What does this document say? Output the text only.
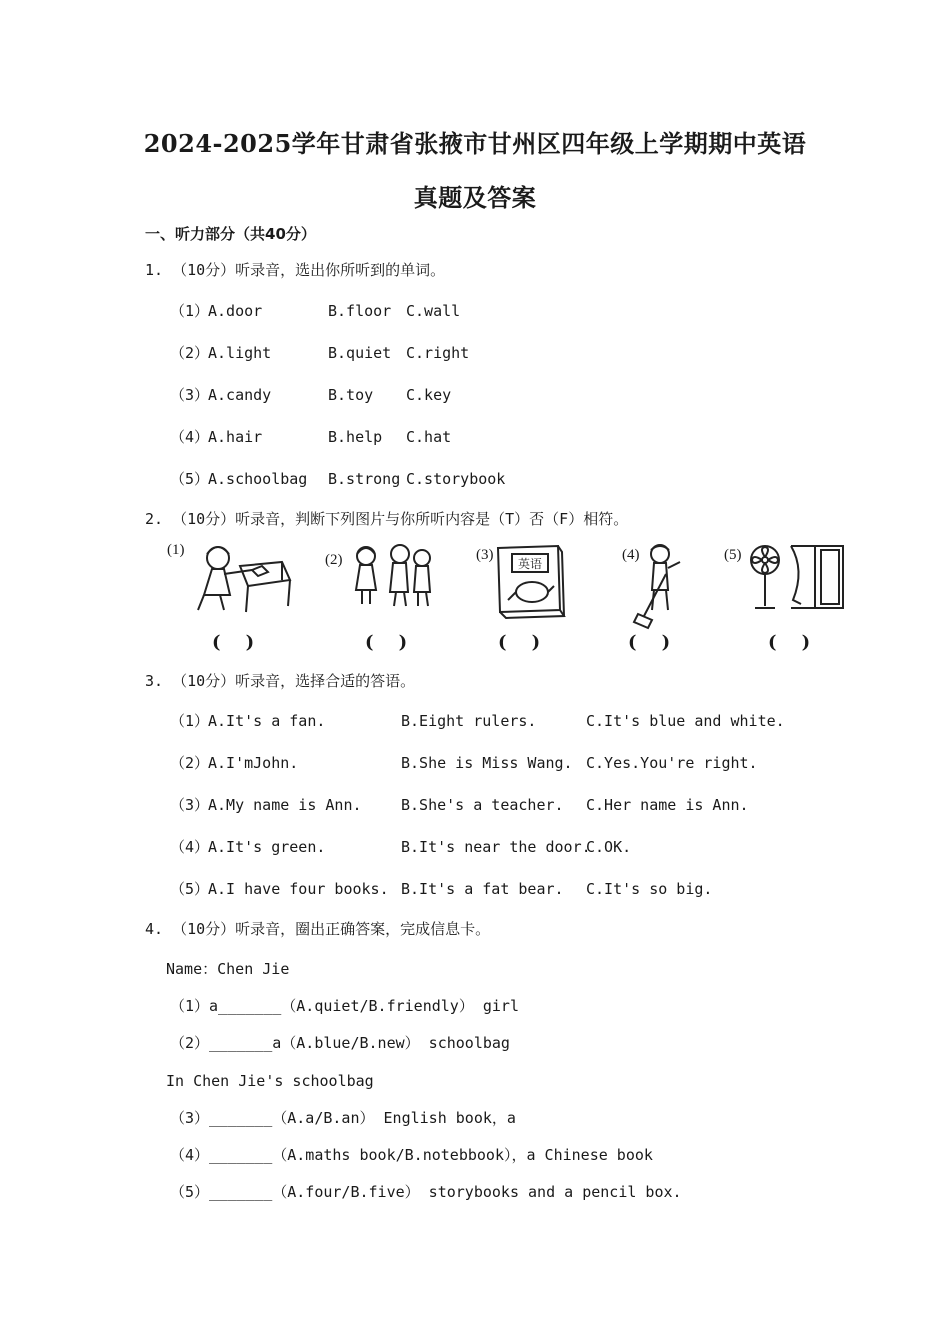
2024-2025学年甘肃省张掖市甘州区四年级上学期期中英语
真题及答案
一、听力部分（共40分）
1. （10分）听录音，选出你所听到的单词。
（1）
A.door	B.floor C.wall
（2）
A.light	B.quiet C.right
（3）
A.candy	B.toy C.key
（4）
A.hair	B.help C.hat
（5）
A.schoolbag B.strong C.storybook
2. （10分）听录音，判断下列图片与你所听内容是（T）否（F）相符。
(1)
(    )
(2)
(    )
(3)
英语
(    )
(4)
(    )
(5)
(    )
3. （10分）听录音，选择合适的答语。
（1）
A.It's a fan.	B.Eight rulers.	C.It's blue and white.
（2）
A.I'mJohn.	B.She is Miss Wang. C.Yes.You're right.
（3）
A.My name is Ann.	B.She's a teacher. C.Her name is Ann.
（4）
A.It's green.	B.It's near the door.
C.OK.
（5）
A.I have four books. B.It's a fat bear. C.It's so big.
4. （10分）听录音，圈出正确答案，完成信息卡。
Name：Chen Jie
（1）a_______（A.quiet/B.friendly） girl
（2）_______a（A.blue/B.new） schoolbag
In Chen Jie's schoolbag
（3）_______（A.a/B.an） English book，a
（4）_______（A.maths book/B.notebbook），a Chinese book
（5）_______（A.four/B.five） storybooks and a pencil box.
